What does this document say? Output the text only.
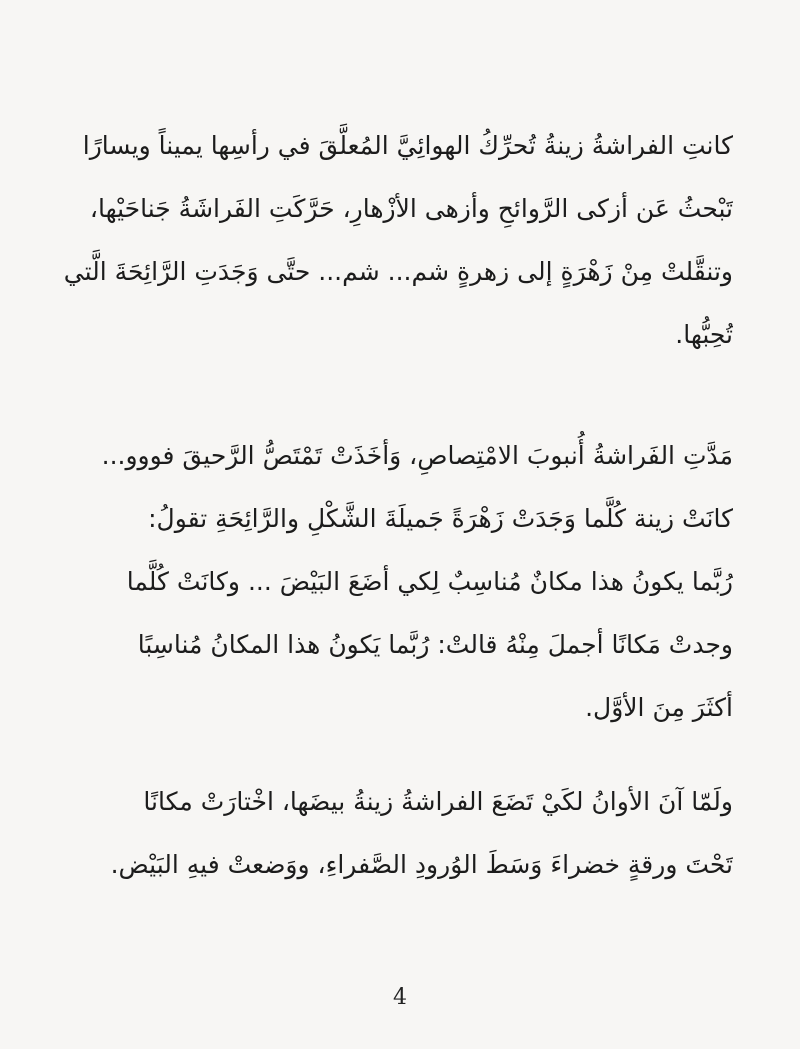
كانتِ الفراشةُ زينةُ تُحرِّكُ الهوائِيَّ المُعلَّقَ في رأسِها يميناً ويسارًا
تَبْحثُ عَن أزكى الرَّوائحِ وأزهى الأزْهارِ، حَرَّكَتِ الفَراشَةُ جَناحَيْها،
وتنقَّلتْ مِنْ زَهْرَةٍ إلى زهرةٍ شم... شم... حتَّى وَجَدَتِ الرَّائِحَةَ الَّتي
تُحِبُّها.
مَدَّتِ الفَراشةُ أُنبوبَ الامْتِصاصِ، وَأخَذَتْ تَمْتَصُّ الرَّحيقَ فووو...
كانَتْ زينة كُلَّما وَجَدَتْ زَهْرَةً جَميلَةَ الشَّكْلِ والرَّائِحَةِ تقولُ:
رُبَّما يكونُ هذا مكانٌ مُناسِبٌ لِكي أضَعَ البَيْضَ ... وكانَتْ كُلَّما
وجدتْ مَكانًا أجملَ مِنْهُ قالتْ: رُبَّما يَكونُ هذا المكانُ مُناسِبًا
أكثَرَ مِنَ الأوَّل.
ولَمّا آنَ الأوانُ لكَيْ تَضَعَ الفراشةُ زينةُ بيضَها، اخْتارَتْ مكانًا
تَحْتَ ورقةٍ خضراءَ وَسَطَ الوُرودِ الصَّفراءِ، ووَضعتْ فيهِ البَيْض.
4
